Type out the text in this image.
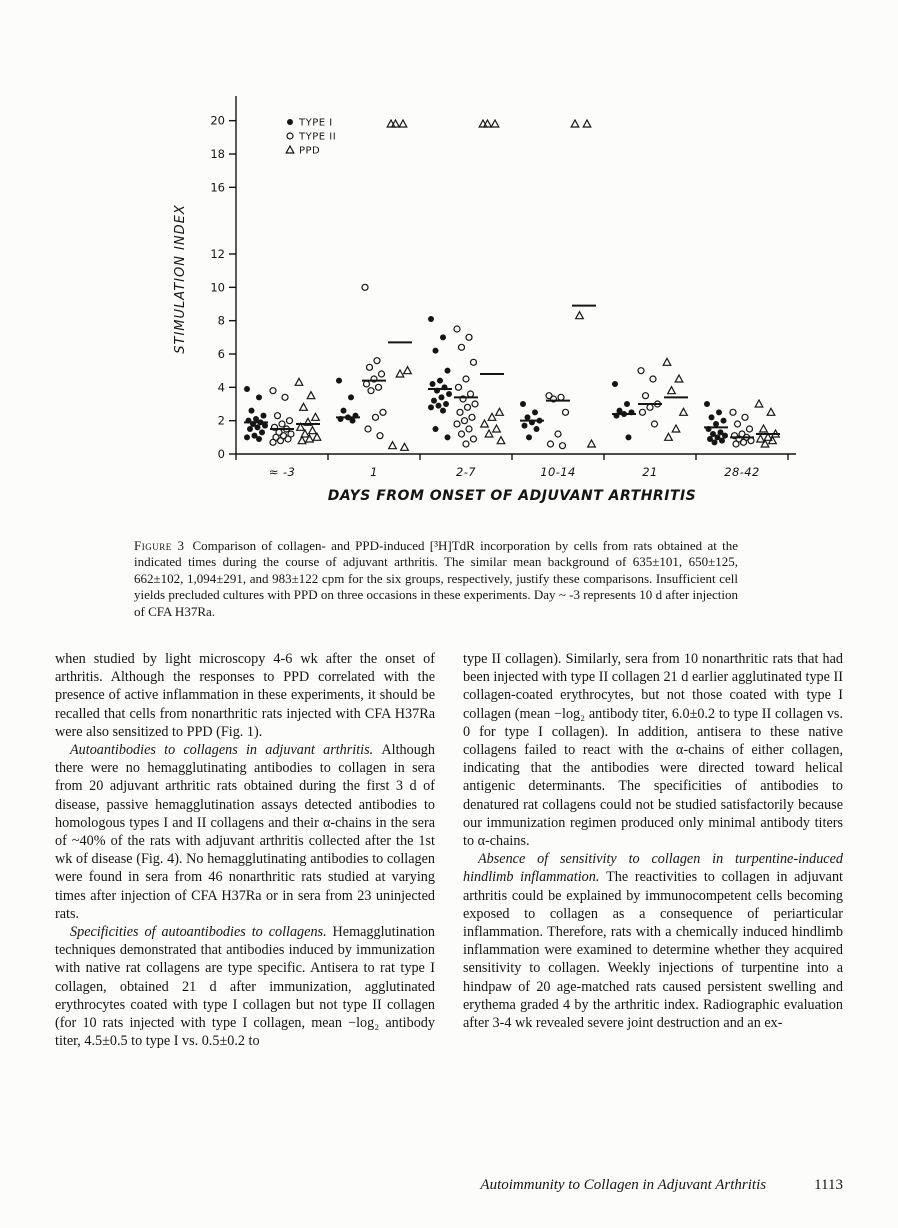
0
2
4
6
8
10
12
16
18
20
≈ -3	1	2-7	10-14	21	28-42
STIMULATION INDEX
DAYS FROM ONSET OF ADJUVANT ARTHRITIS
TYPE I
TYPE II
PPD

Figure 3 Comparison of collagen- and PPD-induced [³H]TdR incorporation by cells from rats obtained at the indicated times during the course of adjuvant arthritis. The similar mean background of 635±101, 650±125, 662±102, 1,094±291, and 983±122 cpm for the six groups, respectively, justify these comparisons. Insufficient cell yields precluded cultures with PPD on three occasions in these experiments. Day ~ -3 represents 10 d after injection of CFA H37Ra.

when studied by light microscopy 4-6 wk after the onset of arthritis. Although the responses to PPD correlated with the presence of active inflammation in these experiments, it should be recalled that cells from nonarthritic rats injected with CFA H37Ra were also sensitized to PPD (Fig. 1).

Autoantibodies to collagens in adjuvant arthritis. Although there were no hemagglutinating antibodies to collagen in sera from 20 adjuvant arthritic rats obtained during the first 3 d of disease, passive hemagglutination assays detected antibodies to homologous types I and II collagens and their α-chains in the sera of ~40% of the rats with adjuvant arthritis collected after the 1st wk of disease (Fig. 4). No hemagglutinating antibodies to collagen were found in sera from 46 nonarthritic rats studied at varying times after injection of CFA H37Ra or in sera from 23 uninjected rats.

Specificities of autoantibodies to collagens. Hemagglutination techniques demonstrated that antibodies induced by immunization with native rat collagens are type specific. Antisera to rat type I collagen, obtained 21 d after immunization, agglutinated erythrocytes coated with type I collagen but not type II collagen (for 10 rats injected with type I collagen, mean −log₂ antibody titer, 4.5±0.5 to type I vs. 0.5±0.2 to

type II collagen). Similarly, sera from 10 nonarthritic rats that had been injected with type II collagen 21 d earlier agglutinated type II collagen-coated erythrocytes, but not those coated with type I collagen (mean −log₂ antibody titer, 6.0±0.2 to type II collagen vs. 0 for type I collagen). In addition, antisera to these native collagens failed to react with the α-chains of either collagen, indicating that the antibodies were directed toward helical antigenic determinants. The specificities of antibodies to denatured rat collagens could not be studied satisfactorily because our immunization regimen produced only minimal antibody titers to α-chains.

Absence of sensitivity to collagen in turpentine-induced hindlimb inflammation. The reactivities to collagen in adjuvant arthritis could be explained by immunocompetent cells becoming exposed to collagen as a consequence of periarticular inflammation. Therefore, rats with a chemically induced hindlimb inflammation were examined to determine whether they acquired sensitivity to collagen. Weekly injections of turpentine into a hindpaw of 20 age-matched rats caused persistent swelling and erythema graded 4 by the arthritic index. Radiographic evaluation after 3-4 wk revealed severe joint destruction and an ex-

Autoimmunity to Collagen in Adjuvant Arthritis	1113
